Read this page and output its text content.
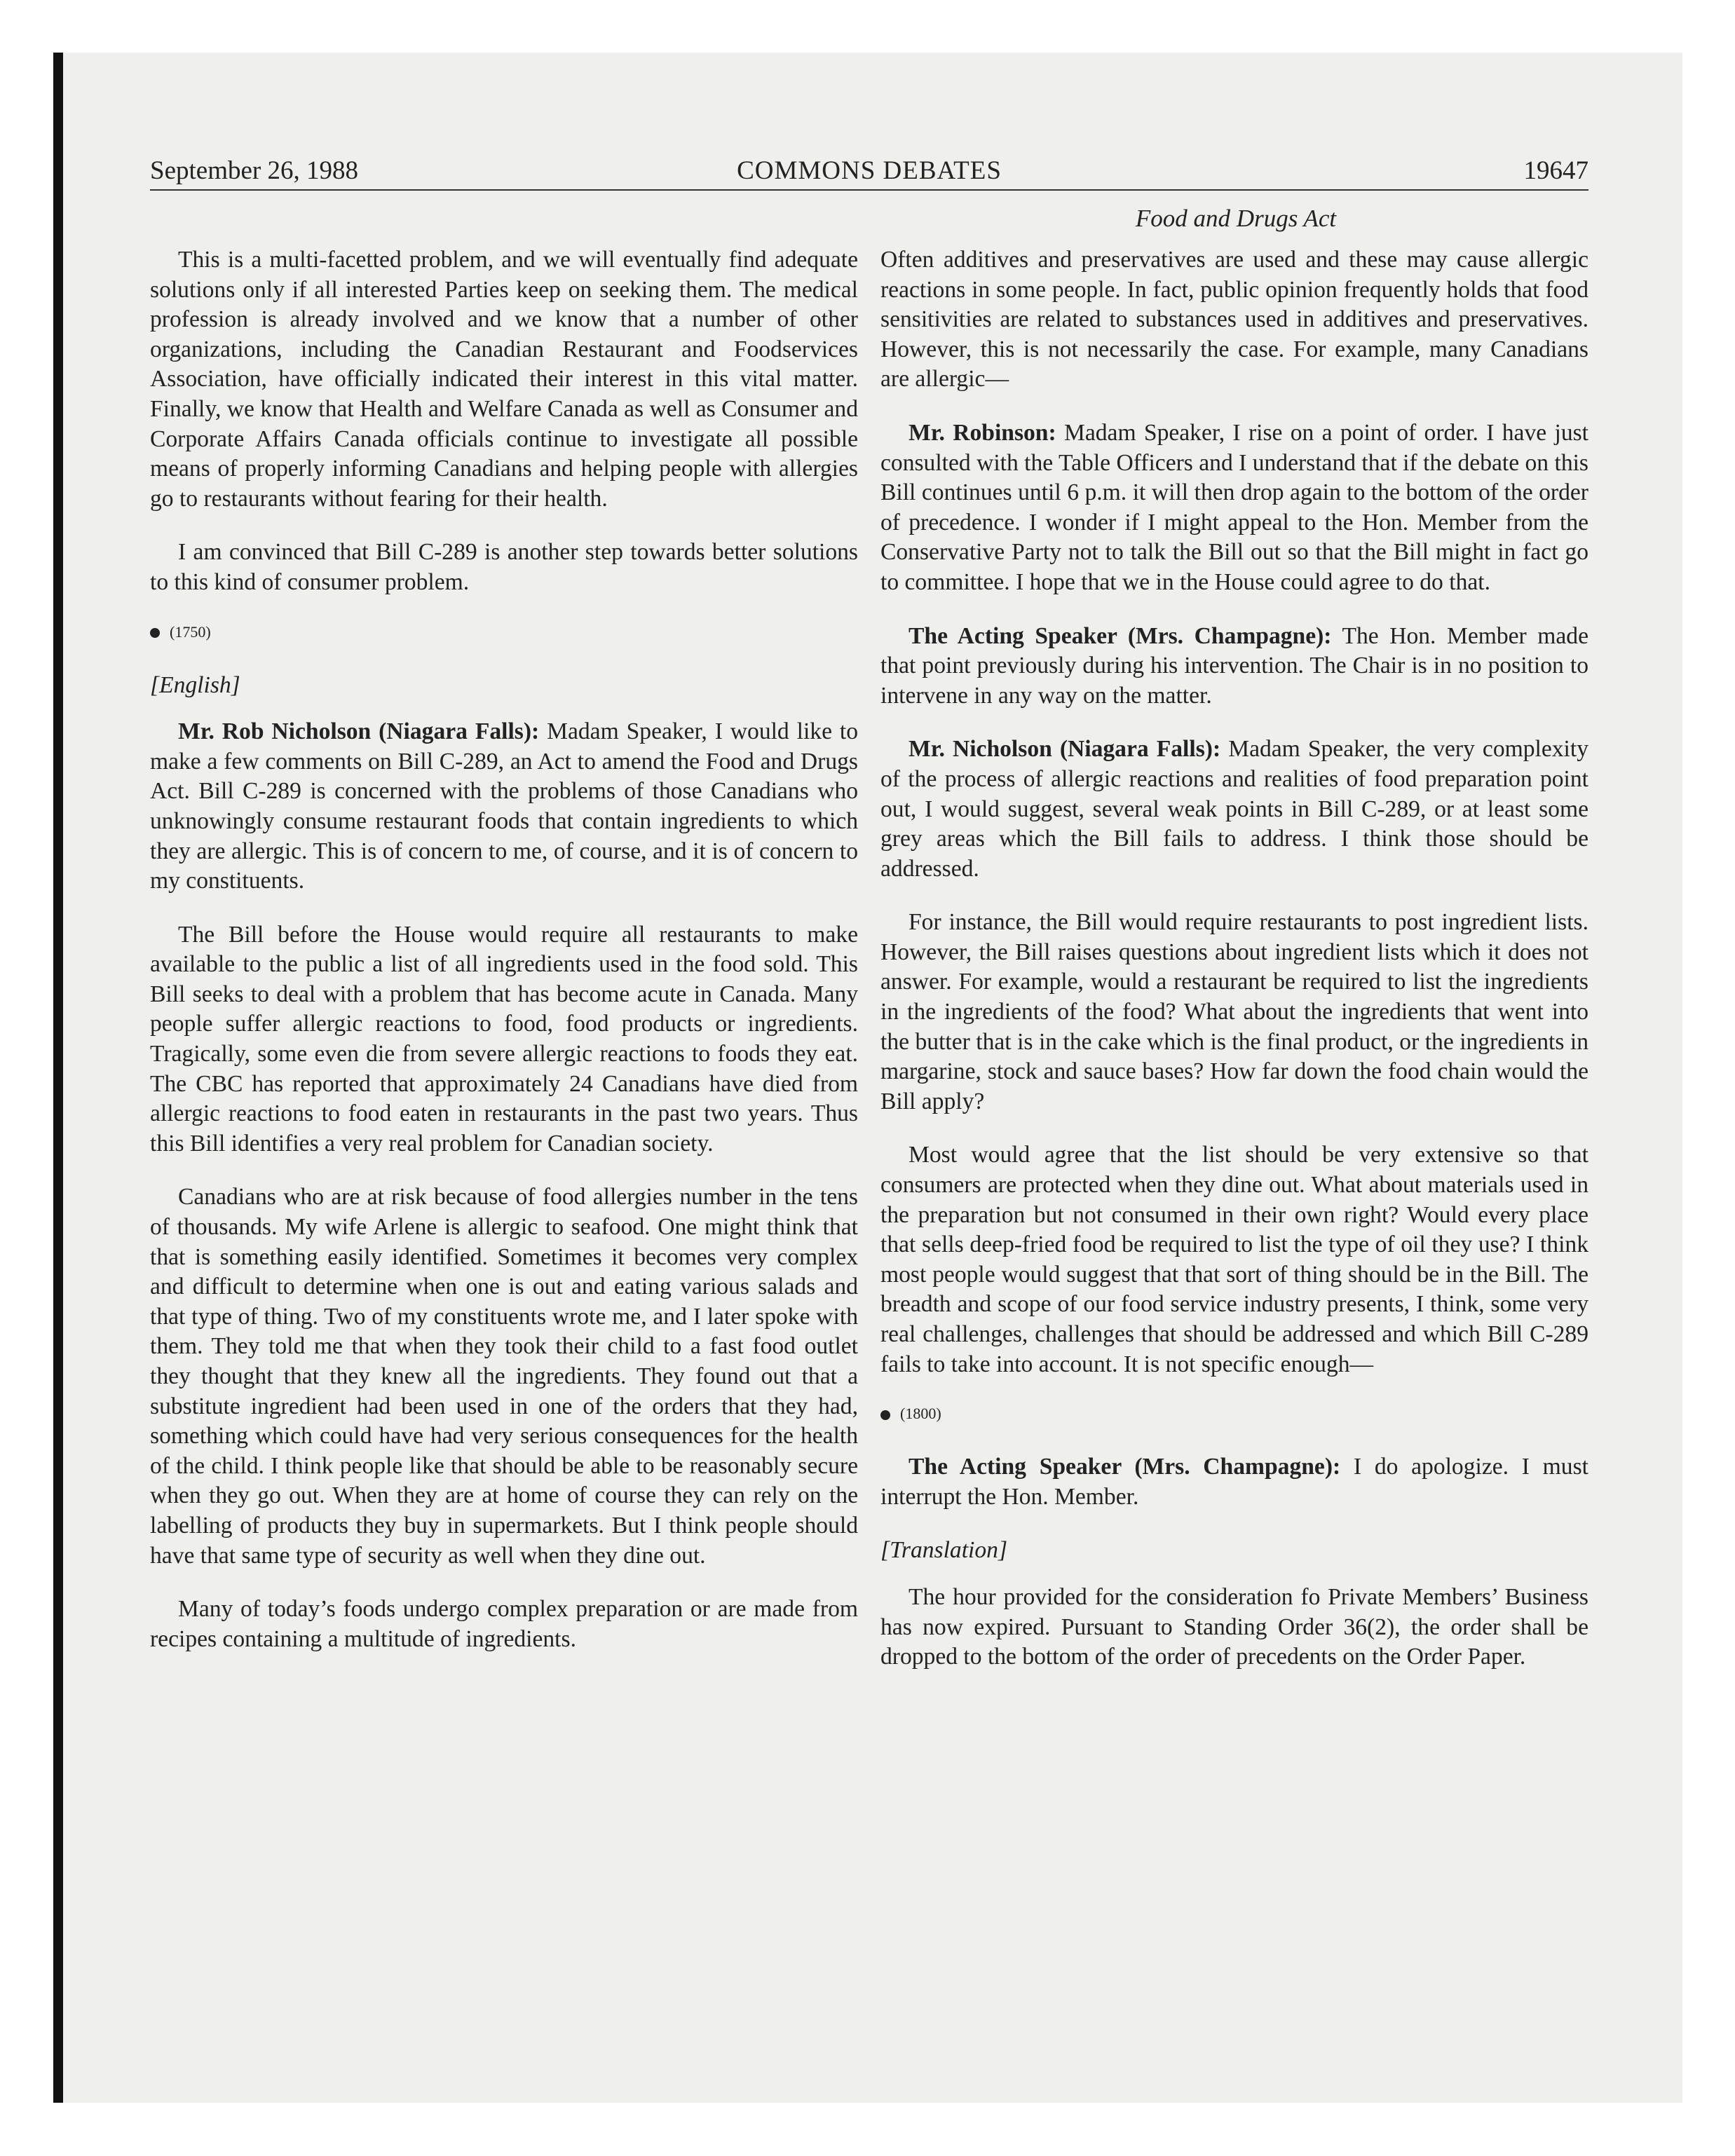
September 26, 1988	COMMONS DEBATES	19647
Food and Drugs Act

This is a multi-facetted problem, and we will eventually find adequate solutions only if all interested Parties keep on seeking them. The medical profession is already involved and we know that a number of other organizations, including the Canadian Restaurant and Foodservices Association, have officially indicated their interest in this vital matter. Finally, we know that Health and Welfare Canada as well as Consumer and Corporate Affairs Canada officials continue to investigate all possible means of properly informing Canadians and helping people with allergies go to restaurants without fearing for their health.

I am convinced that Bill C-289 is another step towards better solutions to this kind of consumer problem.

(1750)
[English]

Mr. Rob Nicholson (Niagara Falls): Madam Speaker, I would like to make a few comments on Bill C-289, an Act to amend the Food and Drugs Act. Bill C-289 is concerned with the problems of those Canadians who unknowingly consume restaurant foods that contain ingredients to which they are allergic. This is of concern to me, of course, and it is of concern to my constituents.

The Bill before the House would require all restaurants to make available to the public a list of all ingredients used in the food sold. This Bill seeks to deal with a problem that has become acute in Canada. Many people suffer allergic reactions to food, food products or ingredients. Tragically, some even die from severe allergic reactions to foods they eat. The CBC has reported that approximately 24 Canadians have died from allergic reactions to food eaten in restaurants in the past two years. Thus this Bill identifies a very real problem for Canadian society.

Canadians who are at risk because of food allergies number in the tens of thousands. My wife Arlene is allergic to seafood. One might think that that is something easily identified. Sometimes it becomes very complex and difficult to determine when one is out and eating various salads and that type of thing. Two of my constituents wrote me, and I later spoke with them. They told me that when they took their child to a fast food outlet they thought that they knew all the ingredients. They found out that a substitute ingredient had been used in one of the orders that they had, something which could have had very serious consequences for the health of the child. I think people like that should be able to be reasonably secure when they go out. When they are at home of course they can rely on the labelling of products they buy in supermarkets. But I think people should have that same type of security as well when they dine out.

Many of today’s foods undergo complex preparation or are made from recipes containing a multitude of ingredients.

Often additives and preservatives are used and these may cause allergic reactions in some people. In fact, public opinion frequently holds that food sensitivities are related to substances used in additives and preservatives. However, this is not necessarily the case. For example, many Canadians are allergic—

Mr. Robinson: Madam Speaker, I rise on a point of order. I have just consulted with the Table Officers and I understand that if the debate on this Bill continues until 6 p.m. it will then drop again to the bottom of the order of precedence. I wonder if I might appeal to the Hon. Member from the Conservative Party not to talk the Bill out so that the Bill might in fact go to committee. I hope that we in the House could agree to do that.

The Acting Speaker (Mrs. Champagne): The Hon. Member made that point previously during his intervention. The Chair is in no position to intervene in any way on the matter.

Mr. Nicholson (Niagara Falls): Madam Speaker, the very complexity of the process of allergic reactions and realities of food preparation point out, I would suggest, several weak points in Bill C-289, or at least some grey areas which the Bill fails to address. I think those should be addressed.

For instance, the Bill would require restaurants to post ingredient lists. However, the Bill raises questions about ingredient lists which it does not answer. For example, would a restaurant be required to list the ingredients in the ingredients of the food? What about the ingredients that went into the butter that is in the cake which is the final product, or the ingredients in margarine, stock and sauce bases? How far down the food chain would the Bill apply?

Most would agree that the list should be very extensive so that consumers are protected when they dine out. What about materials used in the preparation but not consumed in their own right? Would every place that sells deep-fried food be required to list the type of oil they use? I think most people would suggest that that sort of thing should be in the Bill. The breadth and scope of our food service industry presents, I think, some very real challenges, challenges that should be addressed and which Bill C-289 fails to take into account. It is not specific enough—

(1800)

The Acting Speaker (Mrs. Champagne): I do apologize. I must interrupt the Hon. Member.

[Translation]

The hour provided for the consideration fo Private Members’ Business has now expired. Pursuant to Standing Order 36(2), the order shall be dropped to the bottom of the order of precedents on the Order Paper.
